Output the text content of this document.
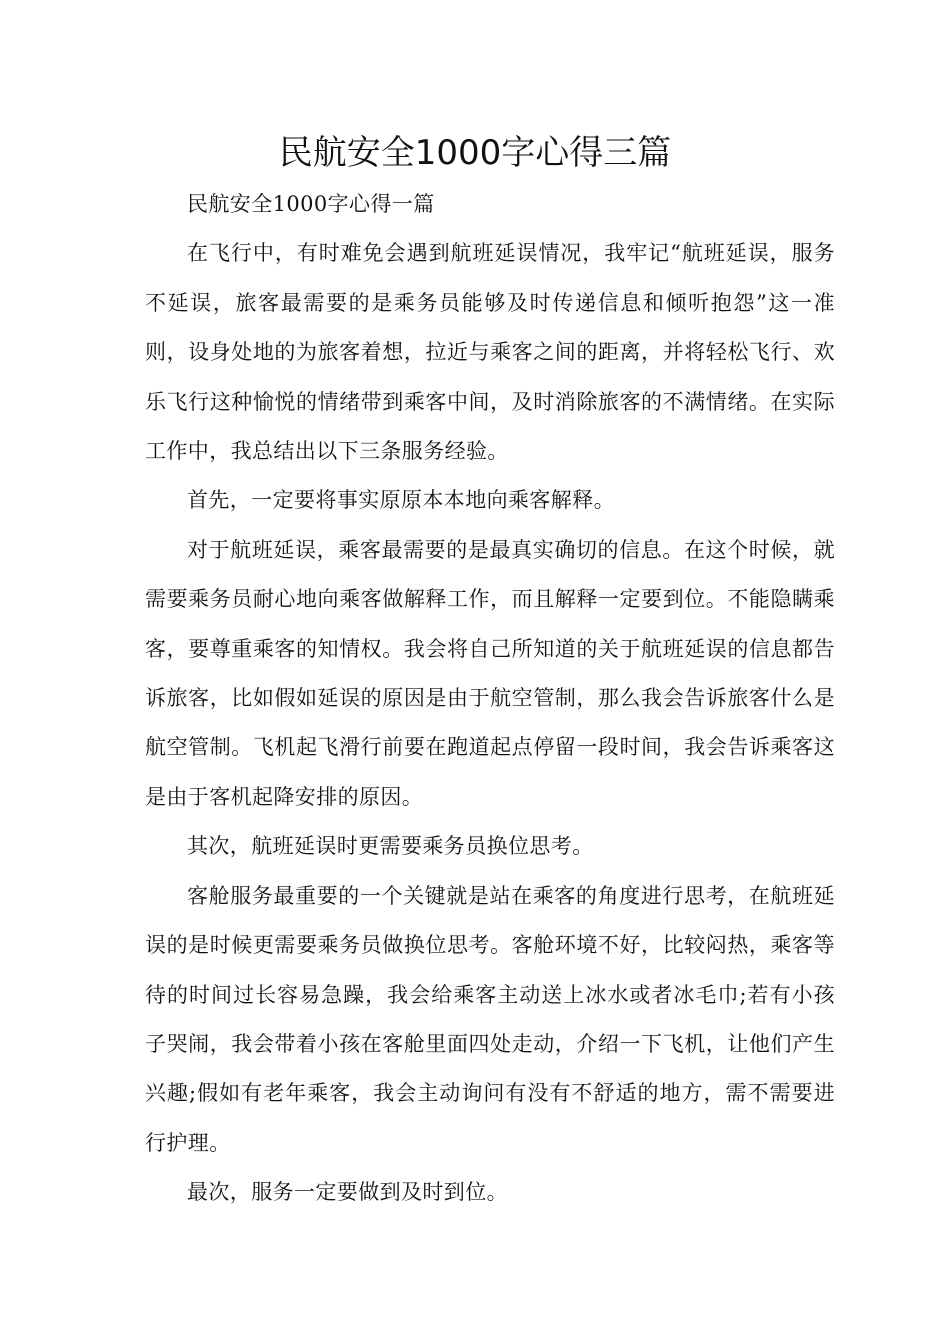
民航安全1000字心得三篇

民航安全1000字心得一篇

在飞行中，有时难免会遇到航班延误情况，我牢记“航班延误，服务不延误，旅客最需要的是乘务员能够及时传递信息和倾听抱怨”这一准则，设身处地的为旅客着想，拉近与乘客之间的距离，并将轻松飞行、欢乐飞行这种愉悦的情绪带到乘客中间，及时消除旅客的不满情绪。在实际工作中，我总结出以下三条服务经验。

首先，一定要将事实原原本本地向乘客解释。

对于航班延误，乘客最需要的是最真实确切的信息。在这个时候，就需要乘务员耐心地向乘客做解释工作，而且解释一定要到位。不能隐瞒乘客，要尊重乘客的知情权。我会将自己所知道的关于航班延误的信息都告诉旅客，比如假如延误的原因是由于航空管制，那么我会告诉旅客什么是航空管制。飞机起飞滑行前要在跑道起点停留一段时间，我会告诉乘客这是由于客机起降安排的原因。

其次，航班延误时更需要乘务员换位思考。

客舱服务最重要的一个关键就是站在乘客的角度进行思考，在航班延误的是时候更需要乘务员做换位思考。客舱环境不好，比较闷热，乘客等待的时间过长容易急躁，我会给乘客主动送上冰水或者冰毛巾;若有小孩子哭闹，我会带着小孩在客舱里面四处走动，介绍一下飞机，让他们产生兴趣;假如有老年乘客，我会主动询问有没有不舒适的地方，需不需要进行护理。

最次，服务一定要做到及时到位。
